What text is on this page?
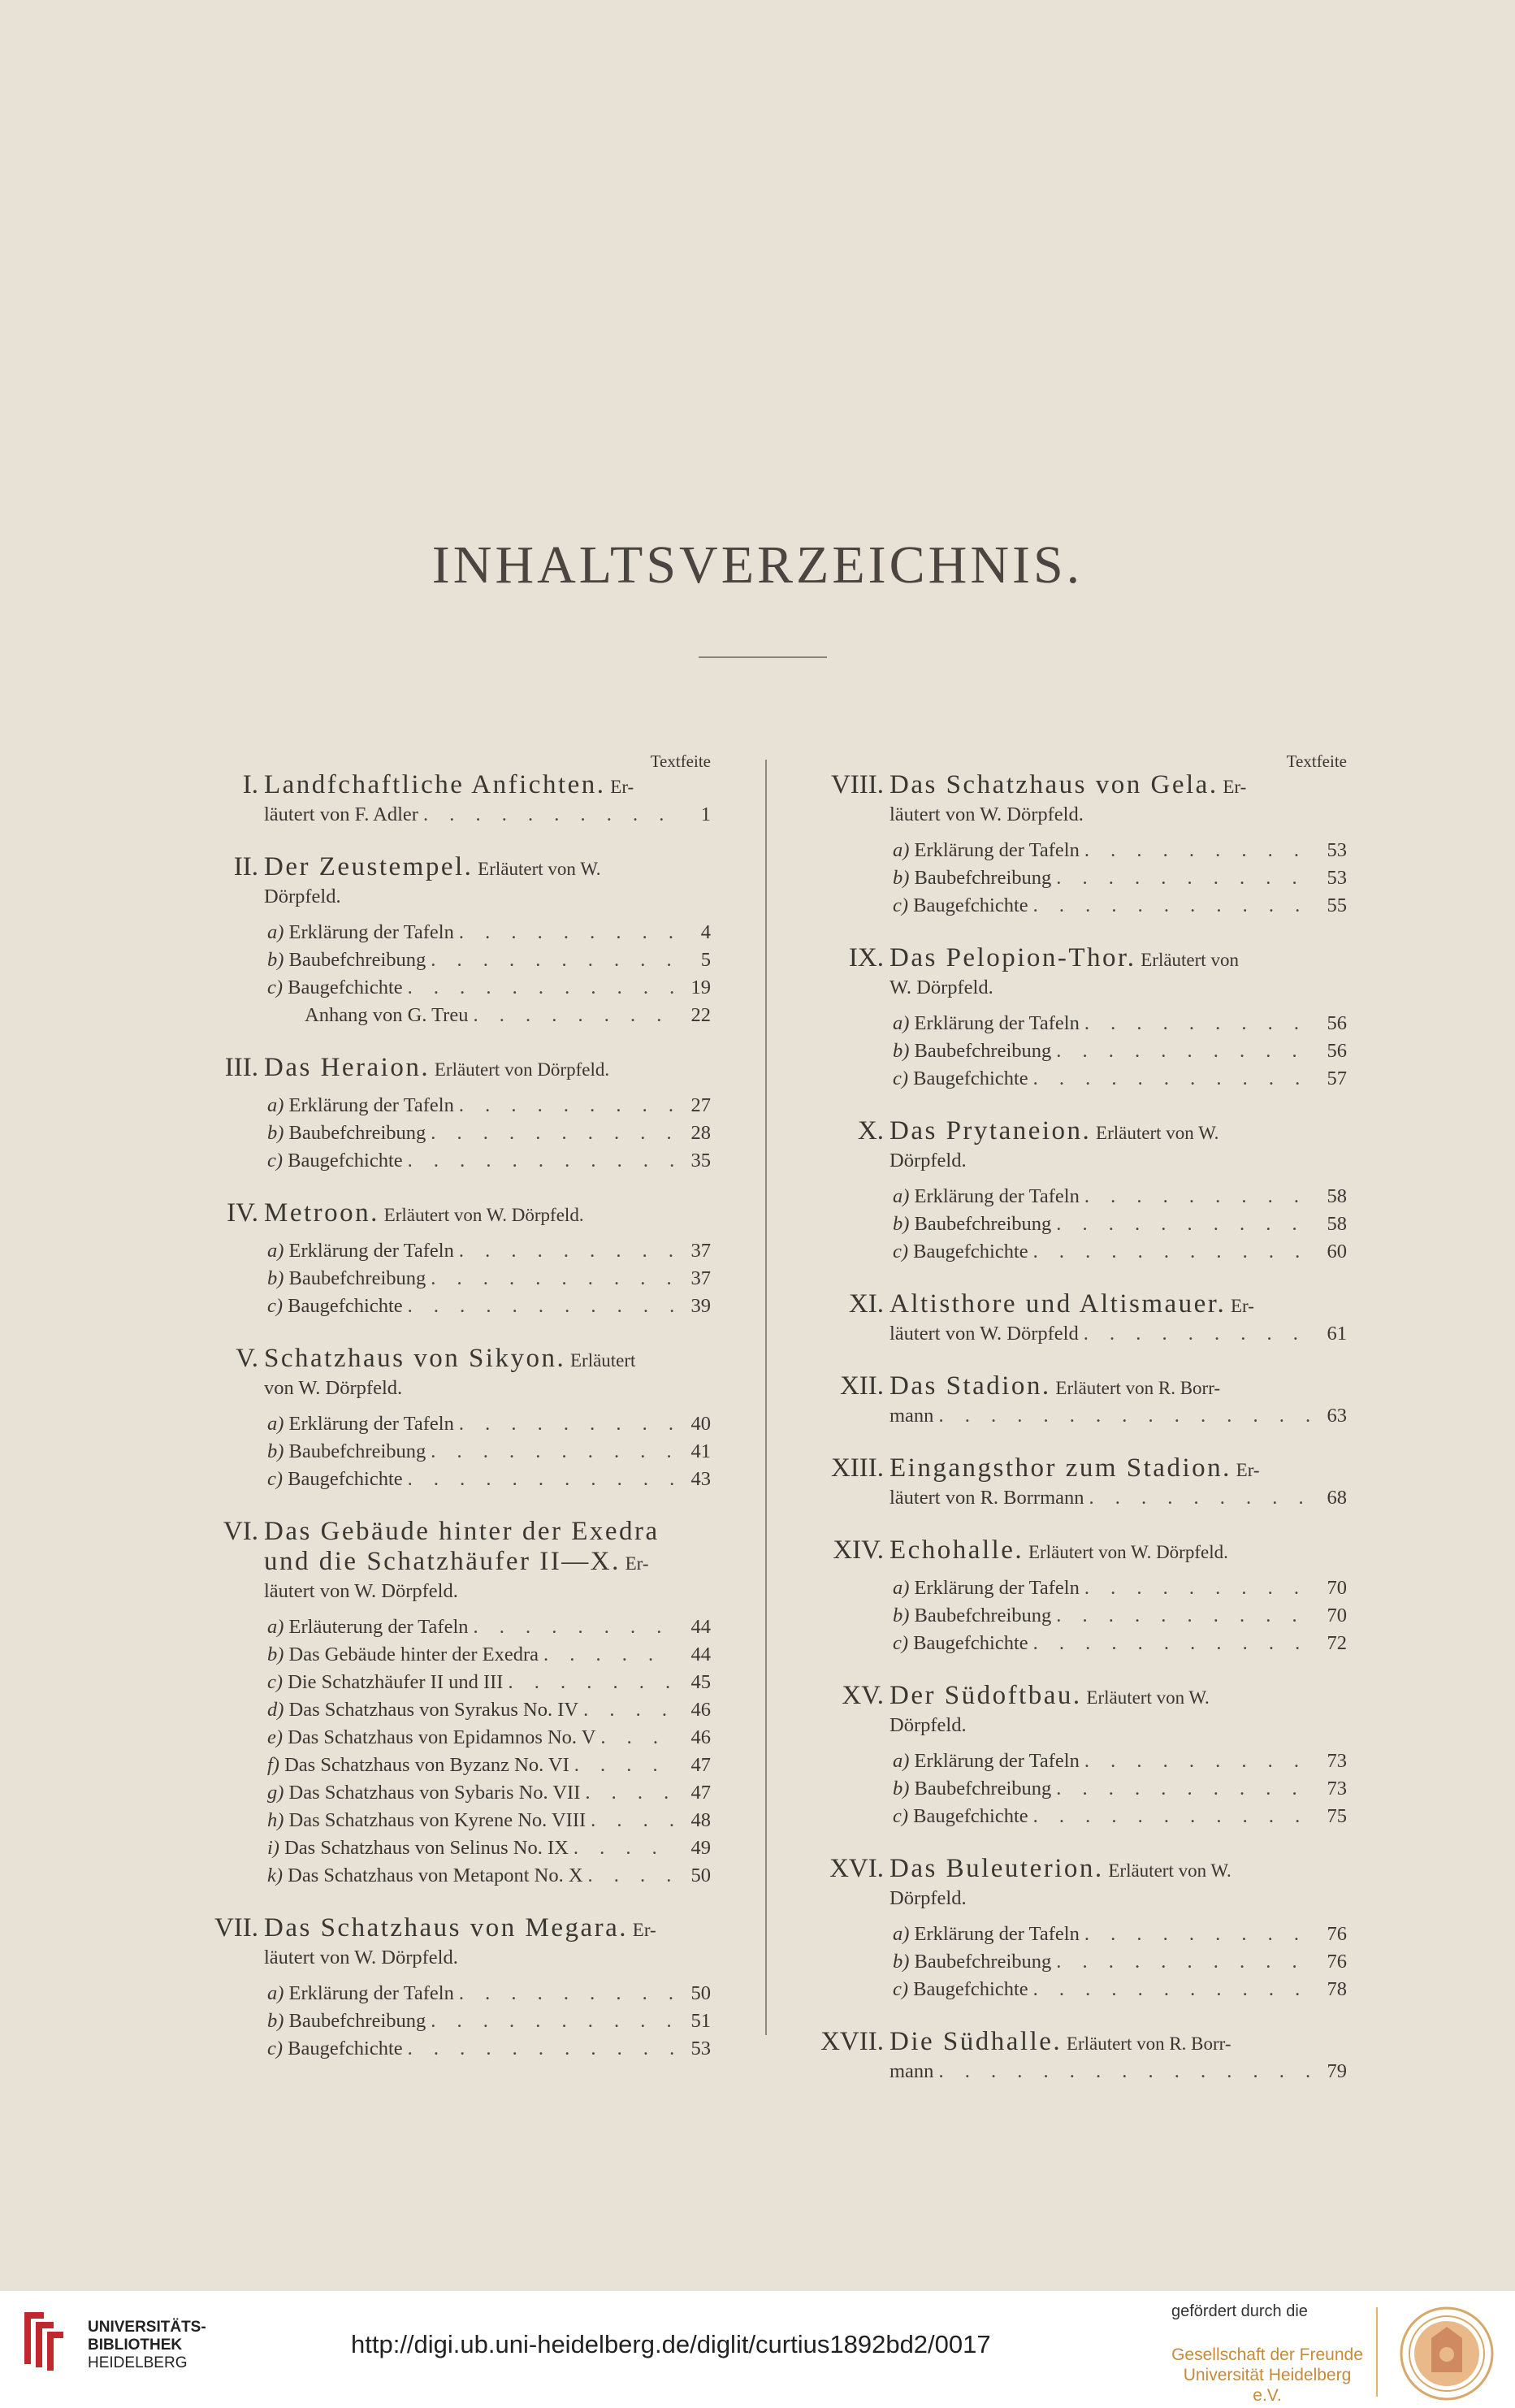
INHALTSVERZEICHNIS.
Textfeite
I. Landfchaftliche Anfichten. Er-
läutert von F. Adler . . .	1
II. Der Zeustempel. Erläutert von W.
Dörpfeld.
a) Erklärung der Tafeln . . .	4
b) Baubefchreibung . . .	5
c) Baugefchichte . . .	19
Anhang von G. Treu . . .	22
III. Das Heraion. Erläutert von Dörpfeld.
a) Erklärung der Tafeln . . .	27
b) Baubefchreibung . . .	28
c) Baugefchichte . . .	35
IV. Metroon. Erläutert von W. Dörpfeld.
a) Erklärung der Tafeln . . .	37
b) Baubefchreibung . . .	37
c) Baugefchichte . . .	39
V. Schatzhaus von Sikyon. Erläutert
von W. Dörpfeld.
a) Erklärung der Tafeln . . .	40
b) Baubefchreibung . . .	41
c) Baugefchichte . . .	43
VI. Das Gebäude hinter der Exedra
und die Schatzhäufer II—X. Er-
läutert von W. Dörpfeld.
a) Erläuterung der Tafeln . . .	44
b) Das Gebäude hinter der Exedra . . .	44
c) Die Schatzhäufer II und III . . .	45
d) Das Schatzhaus von Syrakus No. IV . . .	46
e) Das Schatzhaus von Epidamnos No. V . . .	46
f) Das Schatzhaus von Byzanz No. VI . . .	47
g) Das Schatzhaus von Sybaris No. VII . . .	47
h) Das Schatzhaus von Kyrene No. VIII . . .	48
i) Das Schatzhaus von Selinus No. IX . . .	49
k) Das Schatzhaus von Metapont No. X . . .	50
VII. Das Schatzhaus von Megara. Er-
läutert von W. Dörpfeld.
a) Erklärung der Tafeln . . .	50
b) Baubefchreibung . . .	51
c) Baugefchichte . . .	53
Textfeite
VIII. Das Schatzhaus von Gela. Er-
läutert von W. Dörpfeld.
a) Erklärung der Tafeln . . .	53
b) Baubefchreibung . . .	53
c) Baugefchichte . . .	55
IX. Das Pelopion-Thor. Erläutert von
W. Dörpfeld.
a) Erklärung der Tafeln . . .	56
b) Baubefchreibung . . .	56
c) Baugefchichte . . .	57
X. Das Prytaneion. Erläutert von W.
Dörpfeld.
a) Erklärung der Tafeln . . .	58
b) Baubefchreibung . . .	58
c) Baugefchichte . . .	60
XI. Altisthore und Altismauer. Er-
läutert von W. Dörpfeld . . .	61
XII. Das Stadion. Erläutert von R. Borr-
mann . . .	63
XIII. Eingangsthor zum Stadion. Er-
läutert von R. Borrmann . . .	68
XIV. Echohalle. Erläutert von W. Dörpfeld.
a) Erklärung der Tafeln . . .	70
b) Baubefchreibung . . .	70
c) Baugefchichte . . .	72
XV. Der Südoftbau. Erläutert von W.
Dörpfeld.
a) Erklärung der Tafeln . . .	73
b) Baubefchreibung . . .	73
c) Baugefchichte . . .	75
XVI. Das Buleuterion. Erläutert von W.
Dörpfeld.
a) Erklärung der Tafeln . . .	76
b) Baubefchreibung . . .	76
c) Baugefchichte . . .	78
XVII. Die Südhalle. Erläutert von R. Borr-
mann . . .	79
UNIVERSITÄTS-
BIBLIOTHEK
HEIDELBERG
http://digi.ub.uni-heidelberg.de/diglit/curtius1892bd2/0017
gefördert durch die
Gesellschaft der Freunde
Universität Heidelberg e.V.
